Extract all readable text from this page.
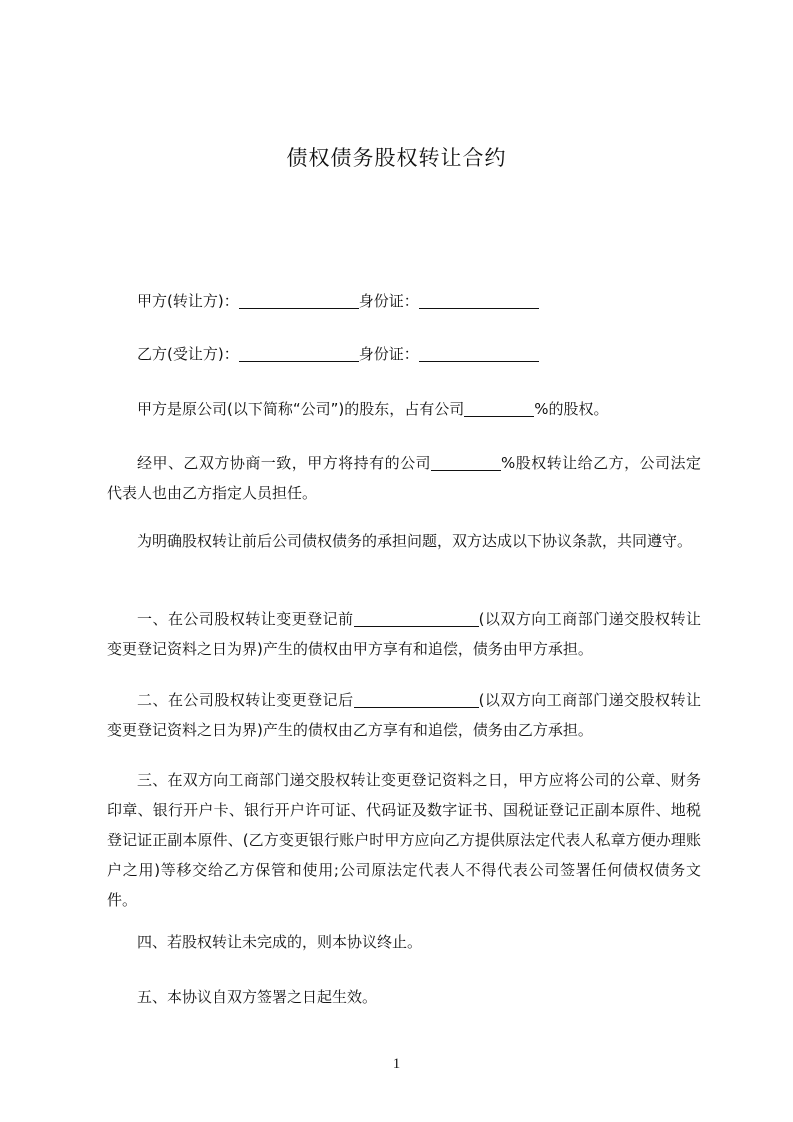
债权债务股权转让合约

甲方(转让方)：	身份证：

乙方(受让方)：	身份证：

甲方是原公司(以下简称“公司”)的股东，占有公司	%的股权。

经甲、乙双方协商一致，甲方将持有的公司	%股权转让给乙方，公司法定代表人也由乙方指定人员担任。

为明确股权转让前后公司债权债务的承担问题，双方达成以下协议条款，共同遵守。

一、在公司股权转让变更登记前	(以双方向工商部门递交股权转让变更登记资料之日为界)产生的债权由甲方享有和追偿，债务由甲方承担。

二、在公司股权转让变更登记后	(以双方向工商部门递交股权转让变更登记资料之日为界)产生的债权由乙方享有和追偿，债务由乙方承担。

三、在双方向工商部门递交股权转让变更登记资料之日，甲方应将公司的公章、财务印章、银行开户卡、银行开户许可证、代码证及数字证书、国税证登记正副本原件、地税登记证正副本原件、(乙方变更银行账户时甲方应向乙方提供原法定代表人私章方便办理账户之用)等移交给乙方保管和使用;公司原法定代表人不得代表公司签署任何债权债务文件。

四、若股权转让未完成的，则本协议终止。

五、本协议自双方签署之日起生效。

1
